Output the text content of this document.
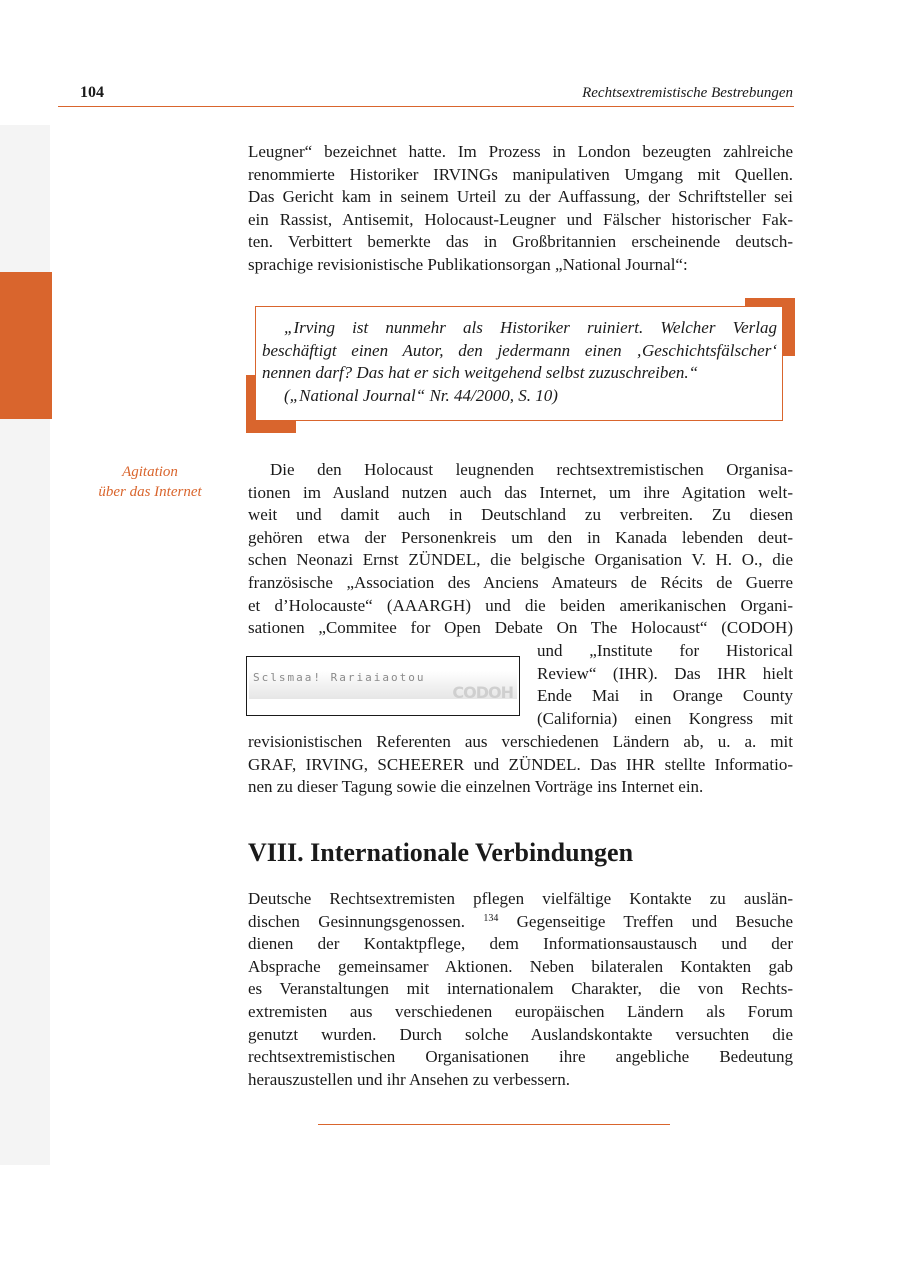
104	Rechtsextremistische Bestrebungen
Leugner“ bezeichnet hatte. Im Prozess in London bezeugten zahlreiche
renommierte Historiker IRVINGs manipulativen Umgang mit Quellen.
Das Gericht kam in seinem Urteil zu der Auffassung, der Schriftsteller sei
ein Rassist, Antisemit, Holocaust-Leugner und Fälscher historischer Fak-
ten. Verbittert bemerkte das in Großbritannien erscheinende deutsch-
sprachige revisionistische Publikationsorgan „National Journal“:
„Irving ist nunmehr als Historiker ruiniert. Welcher Verlag
beschäftigt einen Autor, den jedermann einen ‚Geschichtsfälscher‘
nennen darf? Das hat er sich weitgehend selbst zuzuschreiben.“
(„National Journal“ Nr. 44/2000, S. 10)
Agitation
über das Internet
Die den Holocaust leugnenden rechtsextremistischen Organisa-
tionen im Ausland nutzen auch das Internet, um ihre Agitation welt-
weit und damit auch in Deutschland zu verbreiten. Zu diesen
gehören etwa der Personenkreis um den in Kanada lebenden deut-
schen Neonazi Ernst ZÜNDEL, die belgische Organisation V. H. O., die
französische „Association des Anciens Amateurs de Récits de Guerre
et d’Holocauste“ (AAARGH) und die beiden amerikanischen Organi-
sationen „Commitee for Open Debate On The Holocaust“ (CODOH)
Sclsmaa! Rariaiaotou
CODOH
und „Institute for Historical
Review“ (IHR). Das IHR hielt
Ende Mai in Orange County
(California) einen Kongress mit
revisionistischen Referenten aus verschiedenen Ländern ab, u. a. mit
GRAF, IRVING, SCHEERER und ZÜNDEL. Das IHR stellte Informatio-
nen zu dieser Tagung sowie die einzelnen Vorträge ins Internet ein.
VIII. Internationale Verbindungen
Deutsche Rechtsextremisten pflegen vielfältige Kontakte zu auslän-
dischen Gesinnungsgenossen. $^{134}$ Gegenseitige Treffen und Besuche
dienen der Kontaktpflege, dem Informationsaustausch und der
Absprache gemeinsamer Aktionen. Neben bilateralen Kontakten gab
es Veranstaltungen mit internationalem Charakter, die von Rechts-
extremisten aus verschiedenen europäischen Ländern als Forum
genutzt wurden. Durch solche Auslandskontakte versuchten die
rechtsextremistischen Organisationen ihre angebliche Bedeutung
herauszustellen und ihr Ansehen zu verbessern.
